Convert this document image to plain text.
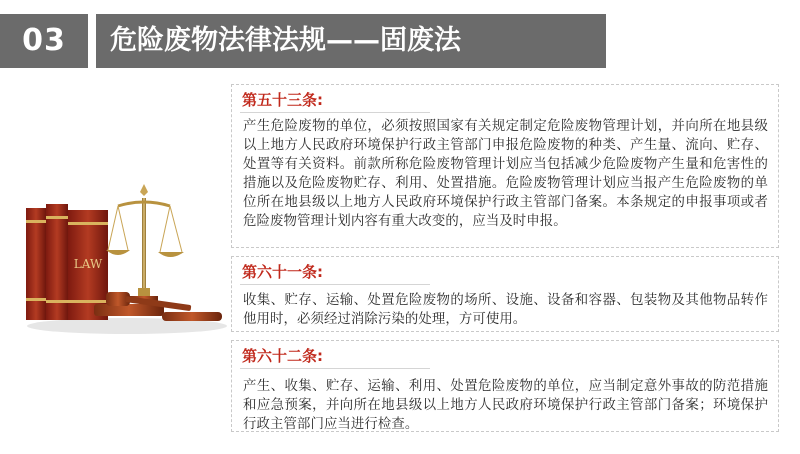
03	危险废物法律法规——固废法
LAW
第五十三条:
产生危险废物的单位，必须按照国家有关规定制定危险废物管理计划，并向所在地县级以上地方人民政府环境保护行政主管部门申报危险废物的种类、产生量、流向、贮存、处置等有关资料。前款所称危险废物管理计划应当包括减少危险废物产生量和危害性的措施以及危险废物贮存、利用、处置措施。危险废物管理计划应当报产生危险废物的单位所在地县级以上地方人民政府环境保护行政主管部门备案。本条规定的申报事项或者危险废物管理计划内容有重大改变的，应当及时申报。
第六十一条:
收集、贮存、运输、处置危险废物的场所、设施、设备和容器、包装物及其他物品转作他用时，必须经过消除污染的处理，方可使用。
第六十二条:
产生、收集、贮存、运输、利用、处置危险废物的单位，应当制定意外事故的防范措施和应急预案，并向所在地县级以上地方人民政府环境保护行政主管部门备案；环境保护行政主管部门应当进行检查。
